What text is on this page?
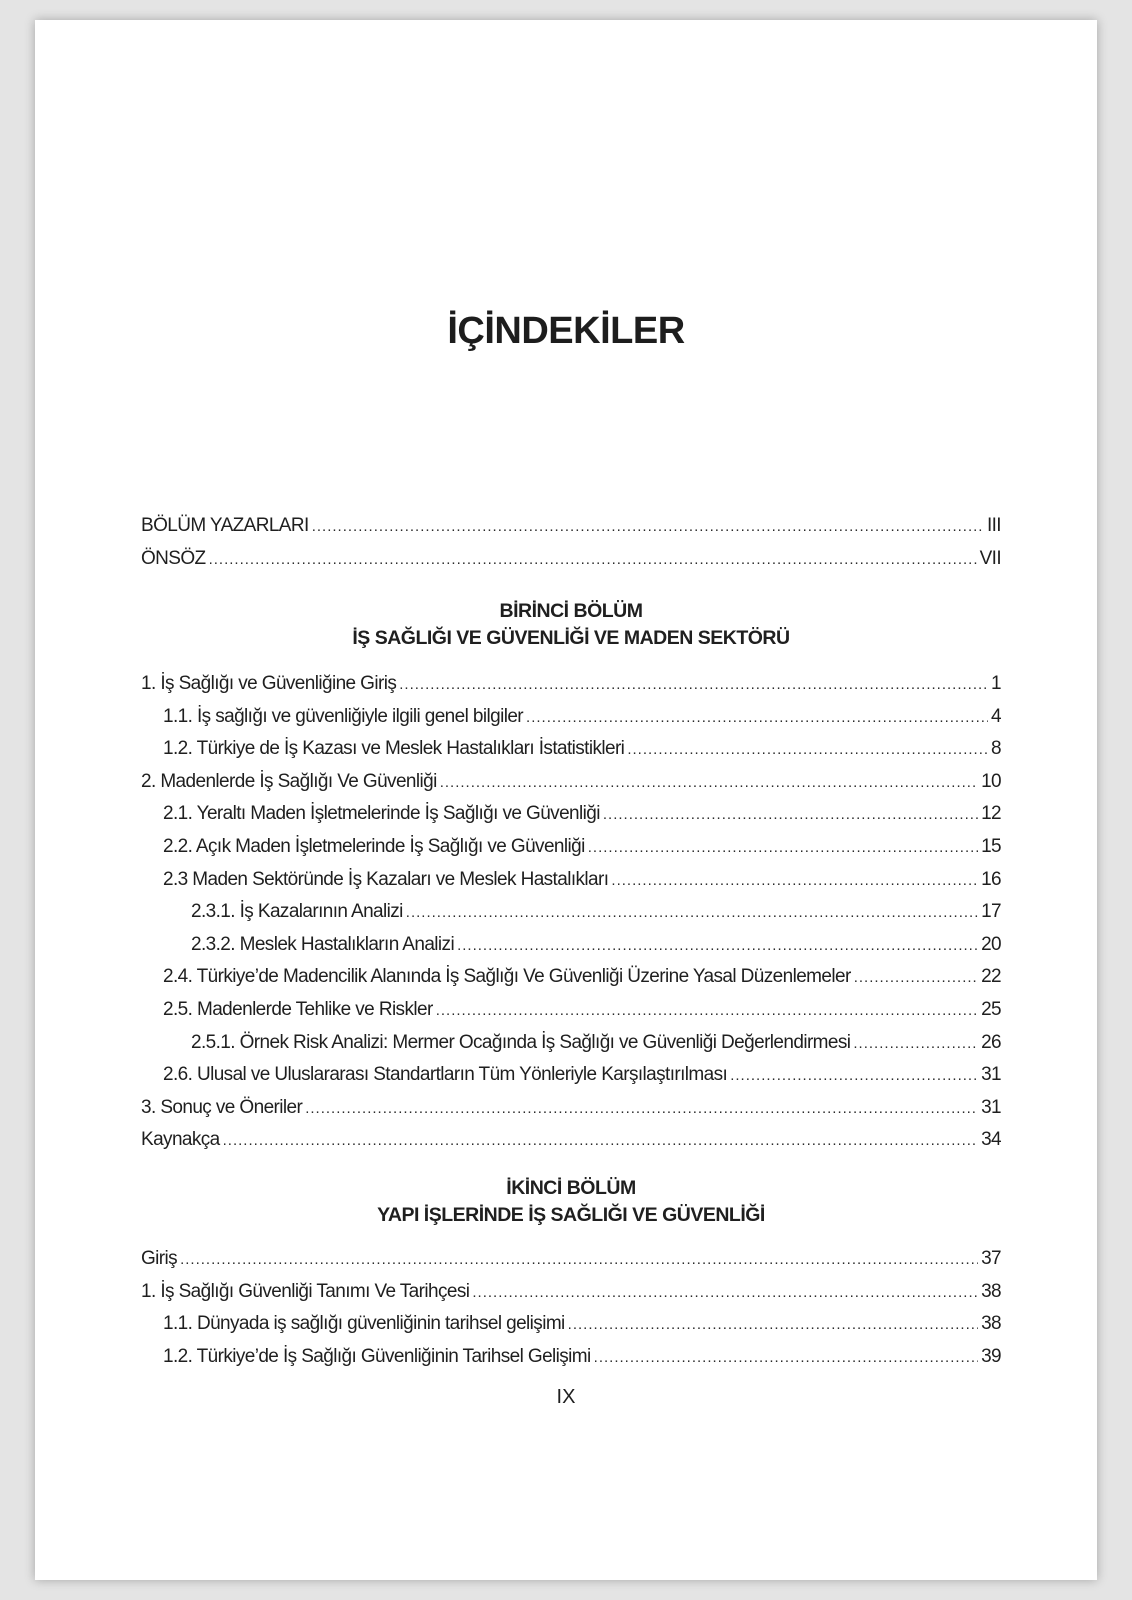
İÇİNDEKİLER
BÖLÜM YAZARLARI .....	III
ÖNSÖZ .....	VII
BİRİNCİ BÖLÜM
İŞ SAĞLIĞI VE GÜVENLİĞİ VE MADEN SEKTÖRÜ
1. İş Sağlığı ve Güvenliğine Giriş .....	1
1.1. İş sağlığı ve güvenliğiyle ilgili genel bilgiler .....	4
1.2. Türkiye de İş Kazası ve Meslek Hastalıkları İstatistikleri .....	8
2. Madenlerde İş Sağlığı Ve Güvenliği .....	10
2.1. Yeraltı Maden İşletmelerinde İş Sağlığı ve Güvenliği .....	12
2.2. Açık Maden İşletmelerinde İş Sağlığı ve Güvenliği .....	15
2.3 Maden Sektöründe İş Kazaları ve Meslek Hastalıkları .....	16
2.3.1. İş Kazalarının Analizi .....	17
2.3.2. Meslek Hastalıkların Analizi .....	20
2.4. Türkiye’de Madencilik Alanında İş Sağlığı Ve Güvenliği Üzerine Yasal Düzenlemeler .....	22
2.5. Madenlerde Tehlike ve Riskler .....	25
2.5.1. Örnek Risk Analizi: Mermer Ocağında İş Sağlığı ve Güvenliği Değerlendirmesi .....	26
2.6. Ulusal ve Uluslararası Standartların Tüm Yönleriyle Karşılaştırılması .....	31
3. Sonuç ve Öneriler .....	31
Kaynakça .....	34
İKİNCİ BÖLÜM
YAPI İŞLERİNDE İŞ SAĞLIĞI VE GÜVENLİĞİ
Giriş .....	37
1. İş Sağlığı Güvenliği Tanımı Ve Tarihçesi .....	38
1.1. Dünyada iş sağlığı güvenliğinin tarihsel gelişimi .....	38
1.2. Türkiye’de İş Sağlığı Güvenliğinin Tarihsel Gelişimi .....	39
IX
